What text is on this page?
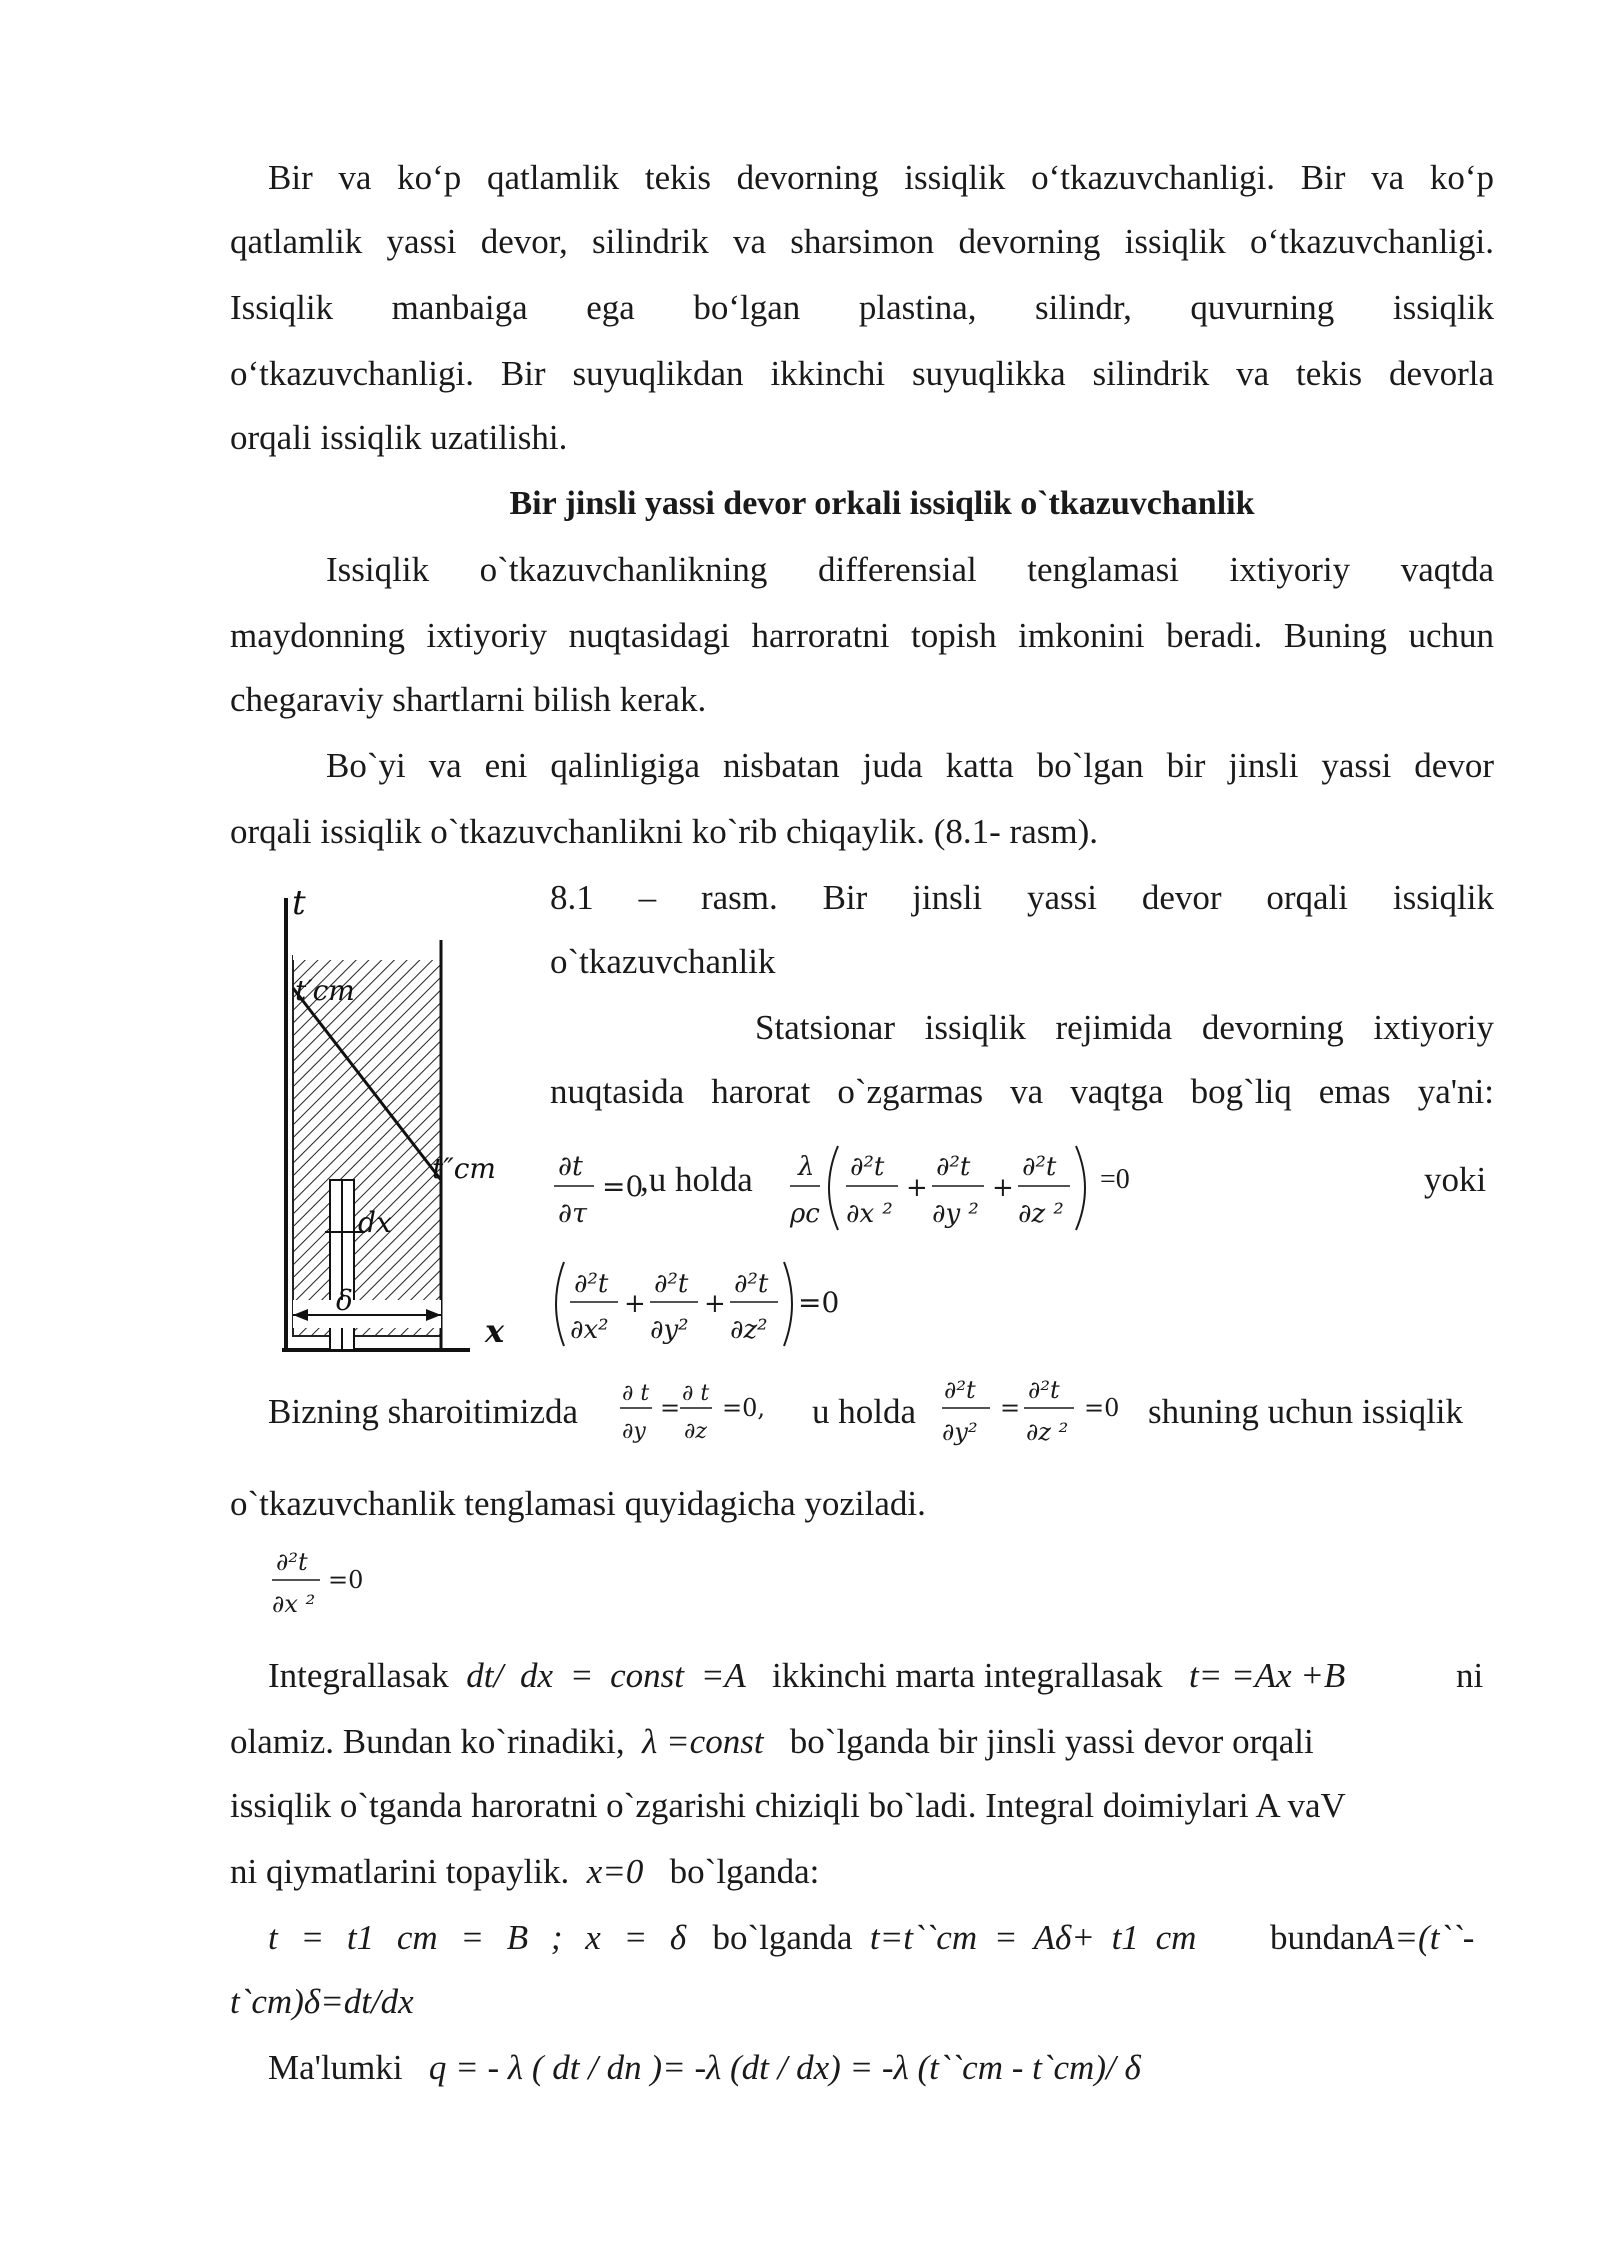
Bir va ko‘p qatlamlik tekis devorning issiqlik o‘tkazuvchanligi. Bir va ko‘p
qatlamlik yassi devor, silindrik va sharsimon devorning issiqlik o‘tkazuvchanligi.
Issiqlik manbaiga ega bo‘lgan plastina, silindr, quvurning issiqlik
o‘tkazuvchanligi. Bir suyuqlikdan ikkinchi suyuqlikka silindrik va tekis devorla
orqali issiqlik uzatilishi.
Bir jinsli yassi devor orkali issiqlik o`tkazuvchanlik
Issiqlik o`tkazuvchanlikning differensial tenglamasi ixtiyoriy vaqtda
maydonning ixtiyoriy nuqtasidagi harroratni topish imkonini beradi. Buning uchun
chegaraviy shartlarni bilish kerak.
Bo`yi va eni qalinligiga nisbatan juda katta bo`lgan bir jinsli yassi devor
orqali issiqlik o`tkazuvchanlikni ko`rib chiqaylik. (8.1- rasm).
t
t′ст
t″ст
dx
δ
x
8.1 – rasm. Bir jinsli yassi devor orqali issiqlik
o`tkazuvchanlik
Statsionar issiqlik rejimida devorning ixtiyoriy
nuqtasida harorat o`zgarmas va vaqtga bog`liq emas ya'ni:
∂t
∂τ
=0
λ
ρc
∂²t
∂x ²
+
∂²t
∂y ²
+
∂²t
∂z ²
,u holda	=0	yoki
∂²t
∂x²
+
∂²t
∂y²
+
∂²t
∂z²
=0
Bizning sharoitimizda ∂ t
∂y
=
∂ t
∂z
=0, u holda
∂²t
∂y²
=
∂²t
∂z ²
=0 shuning uchun issiqlik
o`tkazuvchanlik tenglamasi quyidagicha yoziladi.
∂²t
∂x ²
=0
Integrallasak dt/ dx = const =A ikkinchi marta integrallasak t= =Ax +B	ni
olamiz. Bundan ko`rinadiki, λ =const bo`lganda bir jinsli yassi devor orqali
issiqlik o`tganda haroratni o`zgarishi chiziqli bo`ladi. Integral doimiylari A vaV
ni qiymatlarini topaylik. x=0 bo`lganda:
t = t1 cm = B ; x = δ bo`lganda t=t``cm = Aδ+ t1 cm bundanA=(t``-
t`cm)δ=dt/dx
Ma'lumki q = - λ ( dt / dn )= -λ (dt / dx) = -λ (t``cm - t`cm)/ δ
